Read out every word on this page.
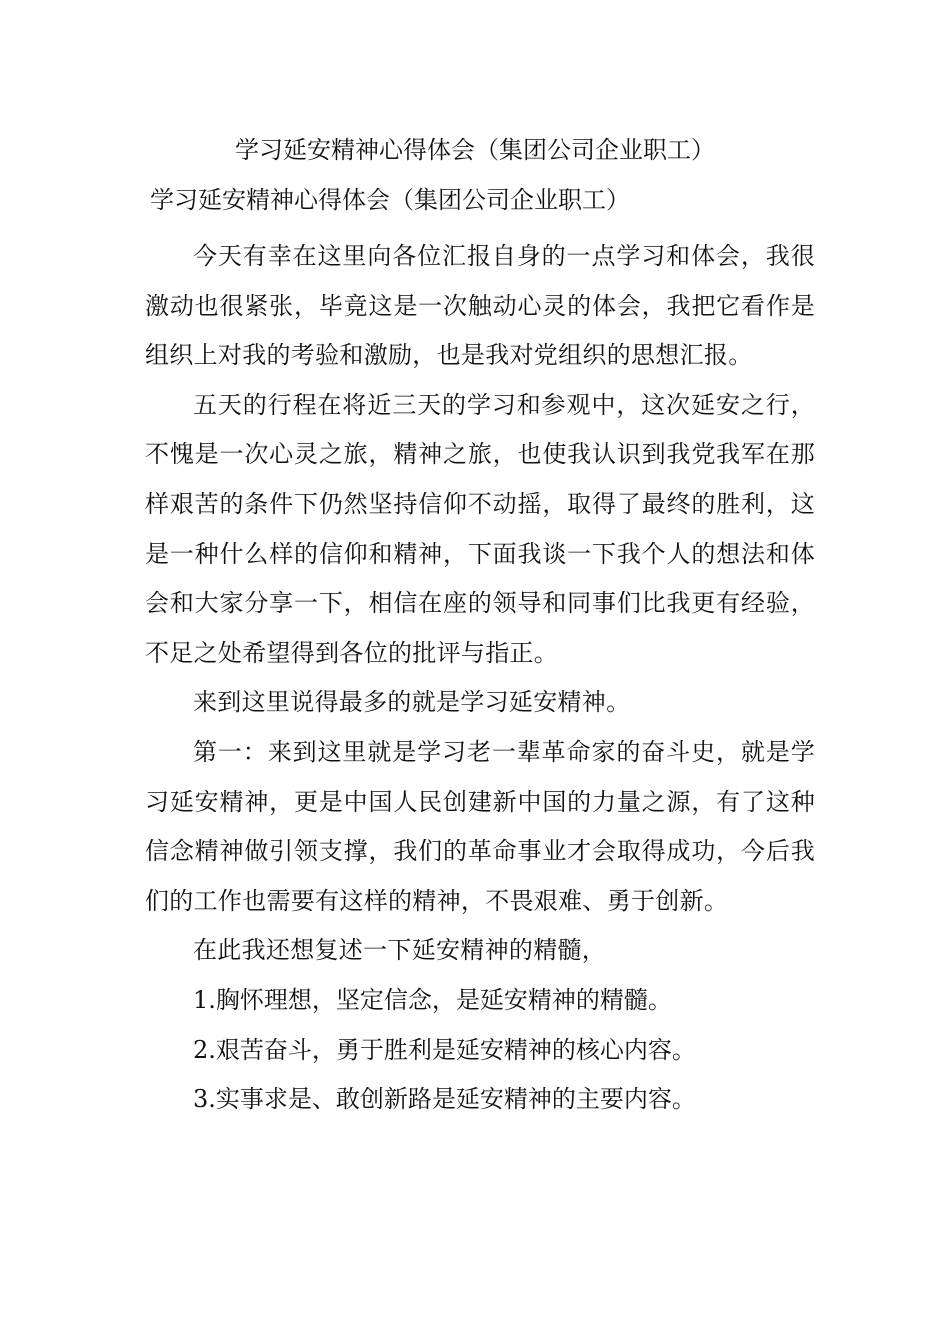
学习延安精神心得体会（集团公司企业职工）
学习延安精神心得体会（集团公司企业职工）

今天有幸在这里向各位汇报自身的一点学习和体会，我很激动也很紧张，毕竟这是一次触动心灵的体会，我把它看作是组织上对我的考验和激励，也是我对党组织的思想汇报。

五天的行程在将近三天的学习和参观中，这次延安之行，不愧是一次心灵之旅，精神之旅，也使我认识到我党我军在那样艰苦的条件下仍然坚持信仰不动摇，取得了最终的胜利，这是一种什么样的信仰和精神，下面我谈一下我个人的想法和体会和大家分享一下，相信在座的领导和同事们比我更有经验，不足之处希望得到各位的批评与指正。

来到这里说得最多的就是学习延安精神。

第一：来到这里就是学习老一辈革命家的奋斗史，就是学习延安精神，更是中国人民创建新中国的力量之源，有了这种信念精神做引领支撑，我们的革命事业才会取得成功，今后我们的工作也需要有这样的精神，不畏艰难、勇于创新。

在此我还想复述一下延安精神的精髓，

1.胸怀理想，坚定信念，是延安精神的精髓。

2.艰苦奋斗，勇于胜利是延安精神的核心内容。

3.实事求是、敢创新路是延安精神的主要内容。
